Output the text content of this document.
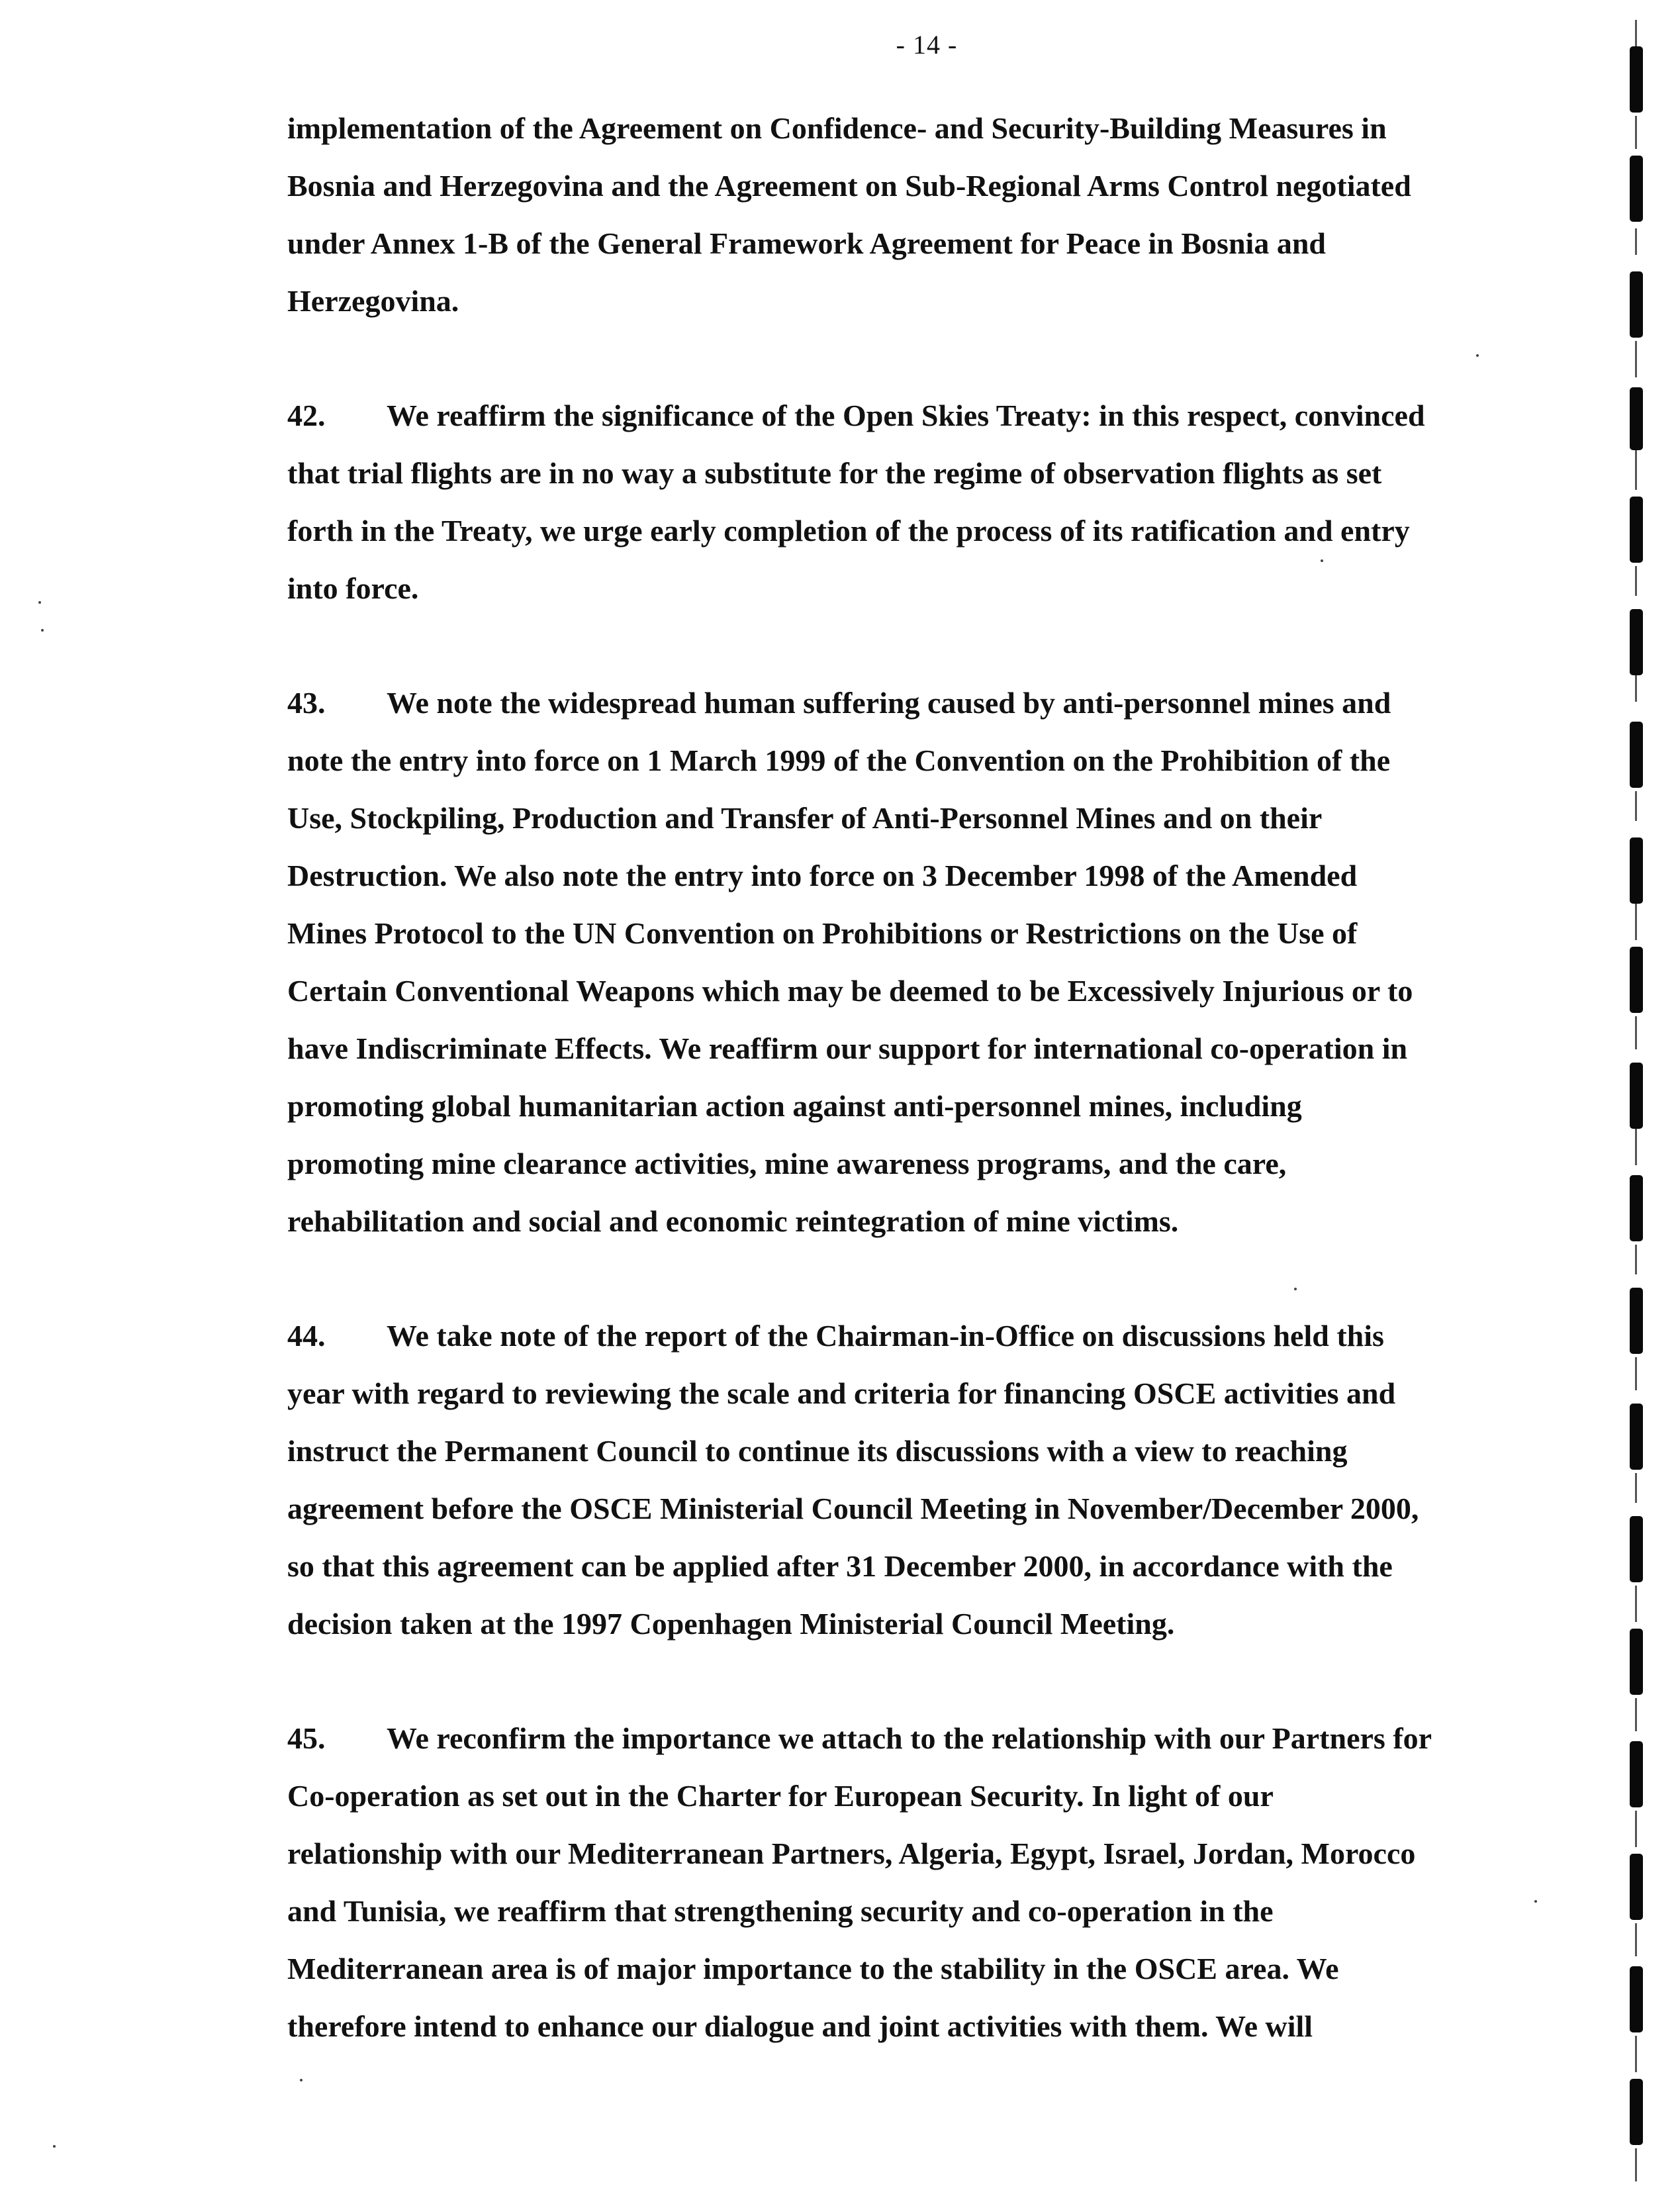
- 14 -
implementation of the Agreement on Confidence- and Security-Building Measures in
Bosnia and Herzegovina and the Agreement on Sub-Regional Arms Control negotiated
under Annex 1-B of the General Framework Agreement for Peace in Bosnia and
Herzegovina.
42. We reaffirm the significance of the Open Skies Treaty: in this respect, convinced
that trial flights are in no way a substitute for the regime of observation flights as set
forth in the Treaty, we urge early completion of the process of its ratification and entry
into force.
43. We note the widespread human suffering caused by anti-personnel mines and
note the entry into force on 1 March 1999 of the Convention on the Prohibition of the
Use, Stockpiling, Production and Transfer of Anti-Personnel Mines and on their
Destruction. We also note the entry into force on 3 December 1998 of the Amended
Mines Protocol to the UN Convention on Prohibitions or Restrictions on the Use of
Certain Conventional Weapons which may be deemed to be Excessively Injurious or to
have Indiscriminate Effects. We reaffirm our support for international co-operation in
promoting global humanitarian action against anti-personnel mines, including
promoting mine clearance activities, mine awareness programs, and the care,
rehabilitation and social and economic reintegration of mine victims.
44. We take note of the report of the Chairman-in-Office on discussions held this
year with regard to reviewing the scale and criteria for financing OSCE activities and
instruct the Permanent Council to continue its discussions with a view to reaching
agreement before the OSCE Ministerial Council Meeting in November/December 2000,
so that this agreement can be applied after 31 December 2000, in accordance with the
decision taken at the 1997 Copenhagen Ministerial Council Meeting.
45. We reconfirm the importance we attach to the relationship with our Partners for
Co-operation as set out in the Charter for European Security. In light of our
relationship with our Mediterranean Partners, Algeria, Egypt, Israel, Jordan, Morocco
and Tunisia, we reaffirm that strengthening security and co-operation in the
Mediterranean area is of major importance to the stability in the OSCE area. We
therefore intend to enhance our dialogue and joint activities with them. We will
